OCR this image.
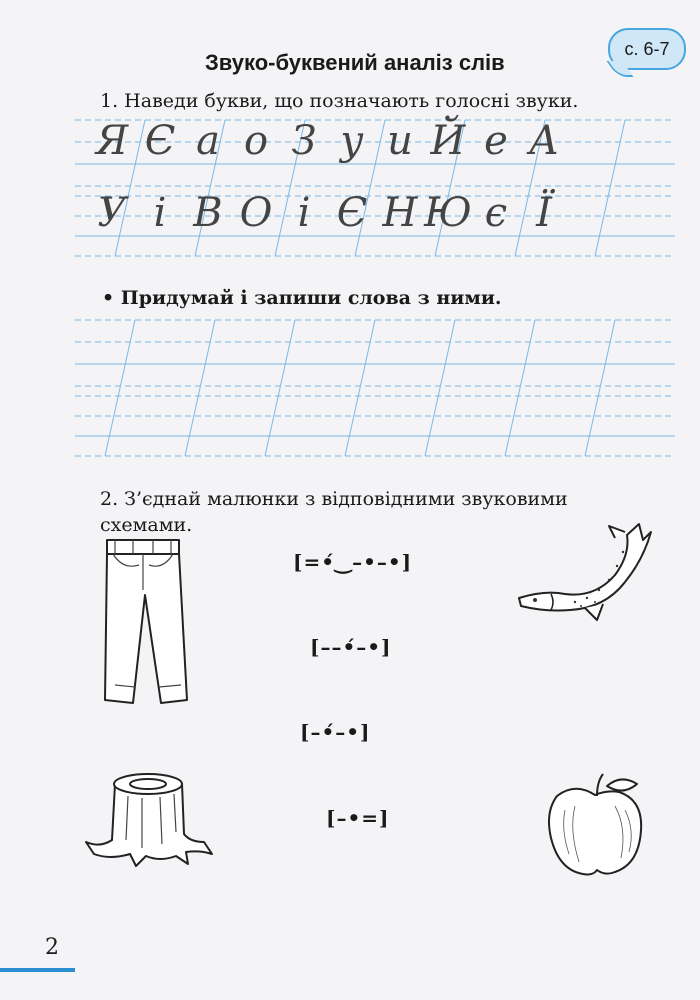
с. 6-7
Звуко-буквений аналіз слів
1. Наведи букви, що позначають голосні звуки.
Я Є а о З у и Й е А
У і В О і Є Н Ю є Ї
• Придумай і запиши слова з ними.
2. З’єднай малюнки з відповідними звуковими схемами.
[=•́‿–•–•]
[––•́–•]
[–•́–•]
[–•=]
2
